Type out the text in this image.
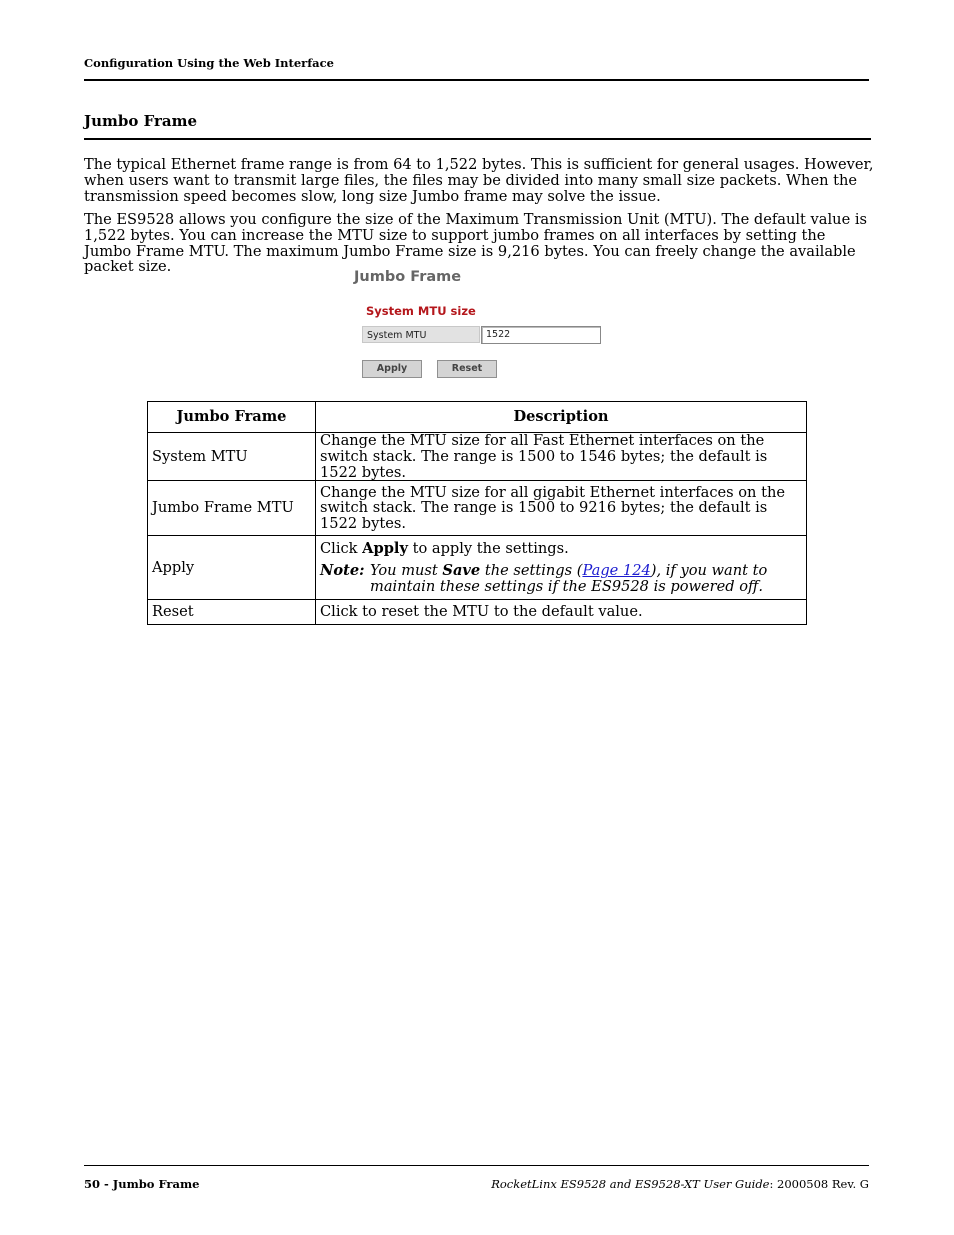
Configuration Using the Web Interface
Jumbo Frame

The typical Ethernet frame range is from 64 to 1,522 bytes. This is sufficient for general usages. However, when users want to transmit large files, the files may be divided into many small size packets. When the transmission speed becomes slow, long size Jumbo frame may solve the issue.

The ES9528 allows you configure the size of the Maximum Transmission Unit (MTU). The default value is 1,522 bytes. You can increase the MTU size to support jumbo frames on all interfaces by setting the Jumbo Frame MTU. The maximum Jumbo Frame size is 9,216 bytes. You can freely change the available packet size.

Jumbo Frame
System MTU size
System MTU	1522
Apply	Reset
Jumbo Frame	Description
System MTU	Change the MTU size for all Fast Ethernet interfaces on the switch stack. The range is 1500 to 1546 bytes; the default is 1522 bytes.
Jumbo Frame MTU	Change the MTU size for all gigabit Ethernet interfaces on the switch stack. The range is 1500 to 9216 bytes; the default is 1522 bytes.
Apply	Click Apply to apply the settings.
Note: You must Save the settings (Page 124), if you want to maintain these settings if the ES9528 is powered off.

Reset	Click to reset the MTU to the default value.
50 - Jumbo Frame	RocketLinx ES9528 and ES9528-XT User Guide: 2000508 Rev. G
